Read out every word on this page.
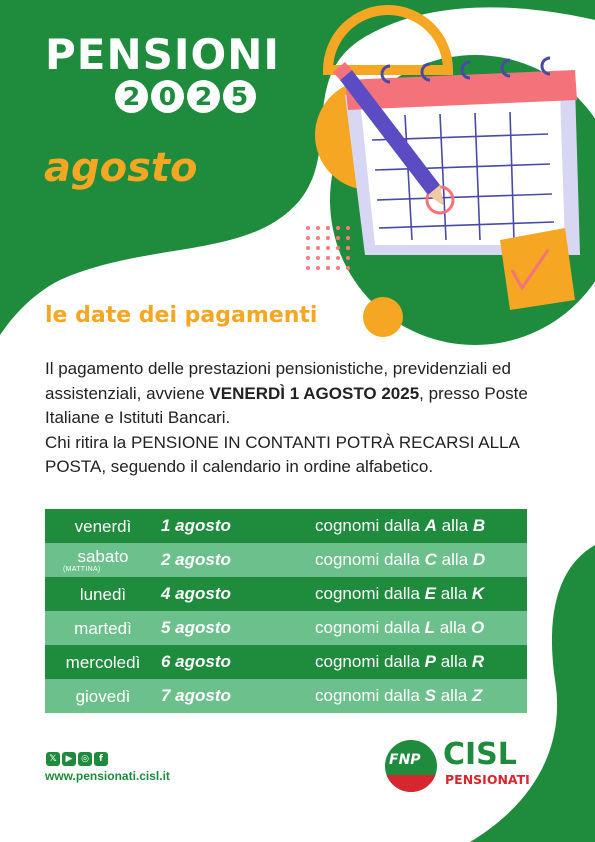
PENSIONI
2 0 2 5
agosto
le date dei pagamenti

Il pagamento delle prestazioni pensionistiche, previdenziali ed assistenziali, avviene VENERDÌ 1 AGOSTO 2025, presso Poste Italiane e Istituti Bancari.

Chi ritira la PENSIONE IN CONTANTI POTRÀ RECARSI ALLA POSTA, seguendo il calendario in ordine alfabetico.

venerdì	1 agosto	cognomi dalla A alla B
sabato
(MATTINA)	2 agosto	cognomi dalla C alla D
lunedì	4 agosto	cognomi dalla E alla K
martedì	5 agosto	cognomi dalla L alla O
mercoledì	6 agosto	cognomi dalla P alla R
giovedì	7 agosto	cognomi dalla S alla Z
𝕏 ▶ ◎	f
www.pensionati.cisl.it
FNP CISL
PENSIONATI
